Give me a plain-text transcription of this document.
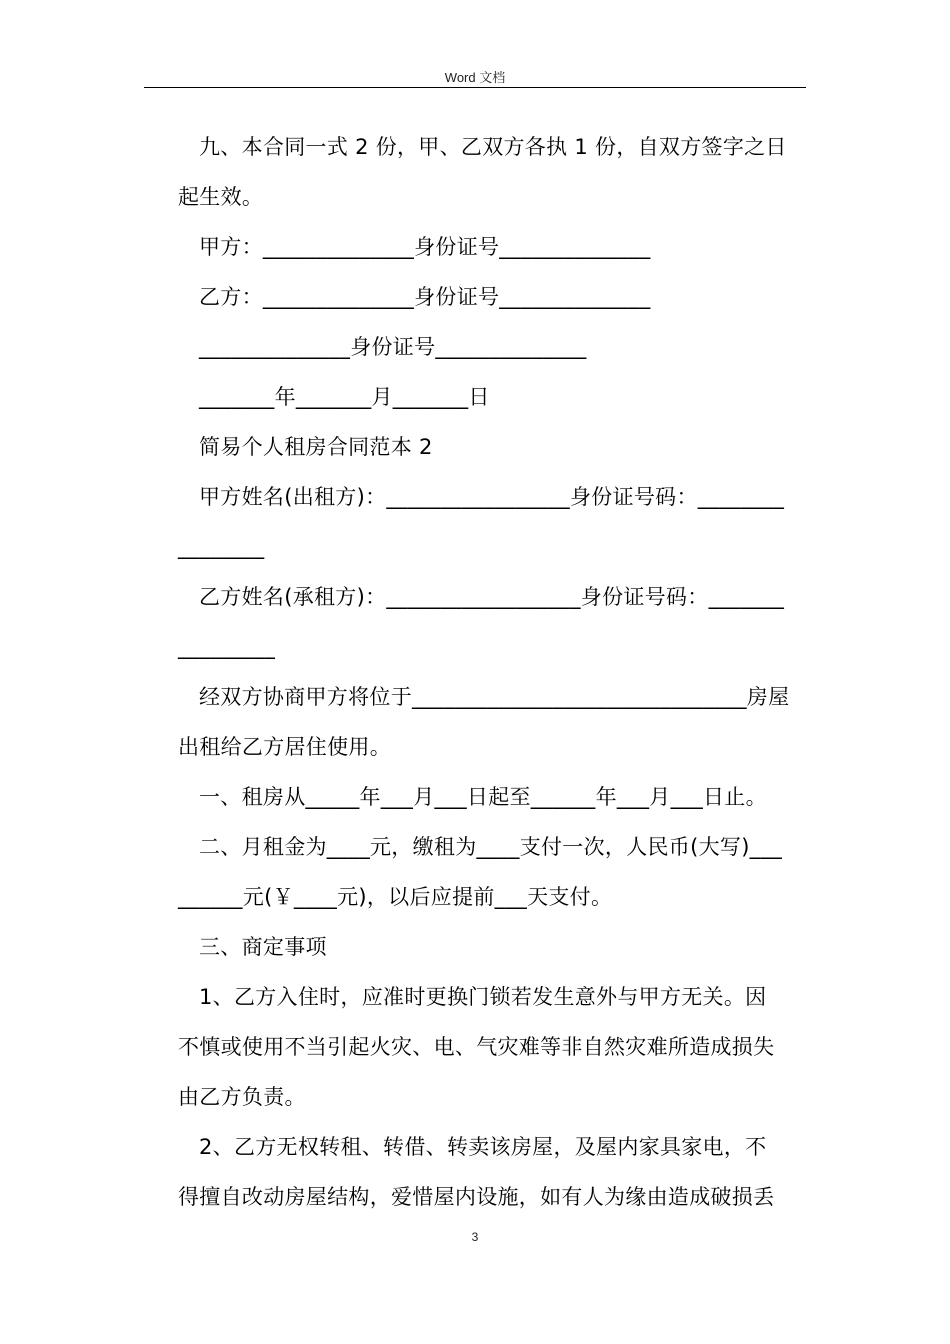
Word 文档
九、本合同一式 2 份，甲、乙双方各执 1 份，自双方签字之日
起生效。
甲方：______________身份证号______________
乙方：______________身份证号______________
______________身份证号______________
_______年_______月_______日
简易个人租房合同范本 2
甲方姓名(出租方)：_________________身份证号码：________
________
乙方姓名(承租方)：__________________身份证号码：_______
_________
经双方协商甲方将位于_______________________________房屋
出租给乙方居住使用。
一、租房从_____年___月___日起至______年___月___日止。
二、月租金为____元，缴租为____支付一次，人民币(大写)___
______元(￥____元)，以后应提前___天支付。
三、商定事项
1、乙方入住时，应准时更换门锁若发生意外与甲方无关。因
不慎或使用不当引起火灾、电、气灾难等非自然灾难所造成损失
由乙方负责。
2、乙方无权转租、转借、转卖该房屋，及屋内家具家电，不
得擅自改动房屋结构，爱惜屋内设施，如有人为缘由造成破损丢
3
